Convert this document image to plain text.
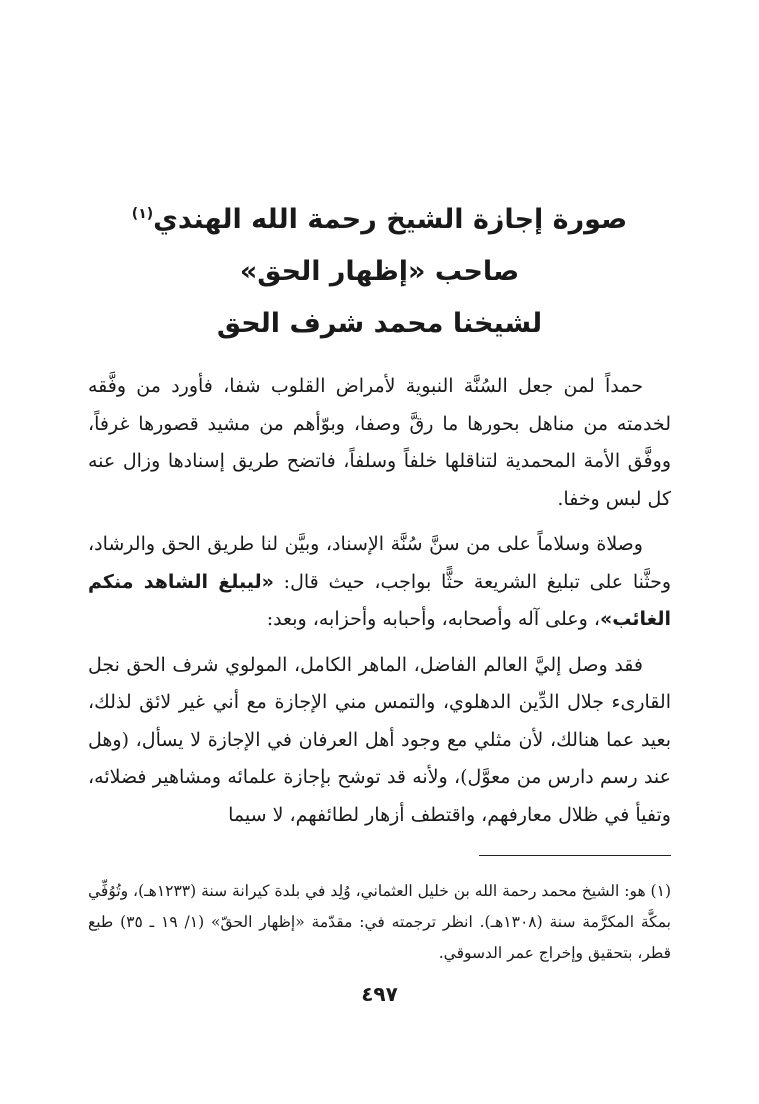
صورة إجازة الشيخ رحمة الله الهندي$^{(١)}$
صاحب «إظهار الحق»
لشيخنا محمد شرف الحق

حمداً لمن جعل السُنَّة النبوية لأمراض القلوب شفا، فأورد من وفَّقه لخدمته من مناهل بحورها ما رقَّ وصفا، وبوّأهم من مشيد قصورها غرفاً، ووفَّق الأمة المحمدية لتناقلها خلفاً وسلفاً، فاتضح طريق إسنادها وزال عنه كل لبس وخفا.

وصلاة وسلاماً على من سنَّ سُنَّة الإسناد، وبيَّن لنا طريق الحق والرشاد، وحثَّنا على تبليغ الشريعة حثًّا بواجب، حيث قال: «ليبلغ الشاهد منكم الغائب»، وعلى آله وأصحابه، وأحبابه وأحزابه، وبعد:

فقد وصل إليَّ العالم الفاضل، الماهر الكامل، المولوي شرف الحق نجل القارىء جلال الدِّين الدهلوي، والتمس مني الإجازة مع أني غير لائق لذلك، بعيد عما هنالك، لأن مثلي مع وجود أهل العرفان في الإجازة لا يسأل، (وهل عند رسم دارس من معوَّل)، ولأنه قد توشح بإجازة علمائه ومشاهير فضلائه، وتفيأ في ظلال معارفهم، واقتطف أزهار لطائفهم، لا سيما

(١) هو: الشيخ محمد رحمة الله بن خليل العثماني، وُلِد في بلدة كيرانة سنة (١٢٣٣هـ)، وتُوُفِّي بمكَّة المكرَّمة سنة (١٣٠٨هـ). انظر ترجمته في: مقدّمة «إظهار الحقّ» (١/ ١٩ ـ ٣٥) طبع قطر، بتحقيق وإخراج عمر الدسوقي.

٤٩٧
